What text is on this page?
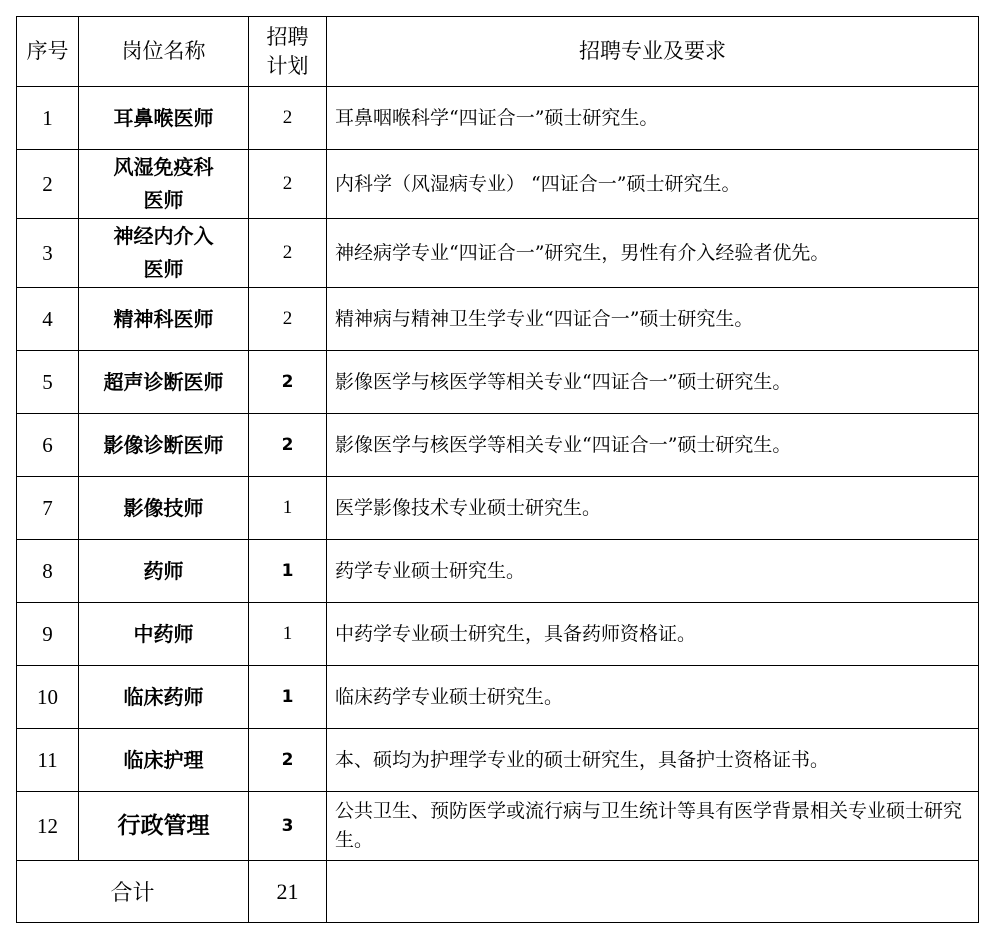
序号	岗位名称	招聘计划	招聘专业及要求
1	耳鼻喉医师	2	耳鼻咽喉科学“四证合一”硕士研究生。
2	风湿免疫科医师	2	内科学（风湿病专业） “四证合一”硕士研究生。
3	神经内介入医师	2	神经病学专业“四证合一”研究生，男性有介入经验者优先。
4	精神科医师	2	精神病与精神卫生学专业“四证合一”硕士研究生。
5	超声诊断医师	2	影像医学与核医学等相关专业“四证合一”硕士研究生。
6	影像诊断医师	2	影像医学与核医学等相关专业“四证合一”硕士研究生。
7	影像技师	1	医学影像技术专业硕士研究生。
8	药师	1	药学专业硕士研究生。
9	中药师	1	中药学专业硕士研究生，具备药师资格证。
10	临床药师	1	临床药学专业硕士研究生。
11	临床护理	2	本、硕均为护理学专业的硕士研究生，具备护士资格证书。
12	行政管理	3	公共卫生、预防医学或流行病与卫生统计等具有医学背景相关专业硕士研究生。
合计		21	
